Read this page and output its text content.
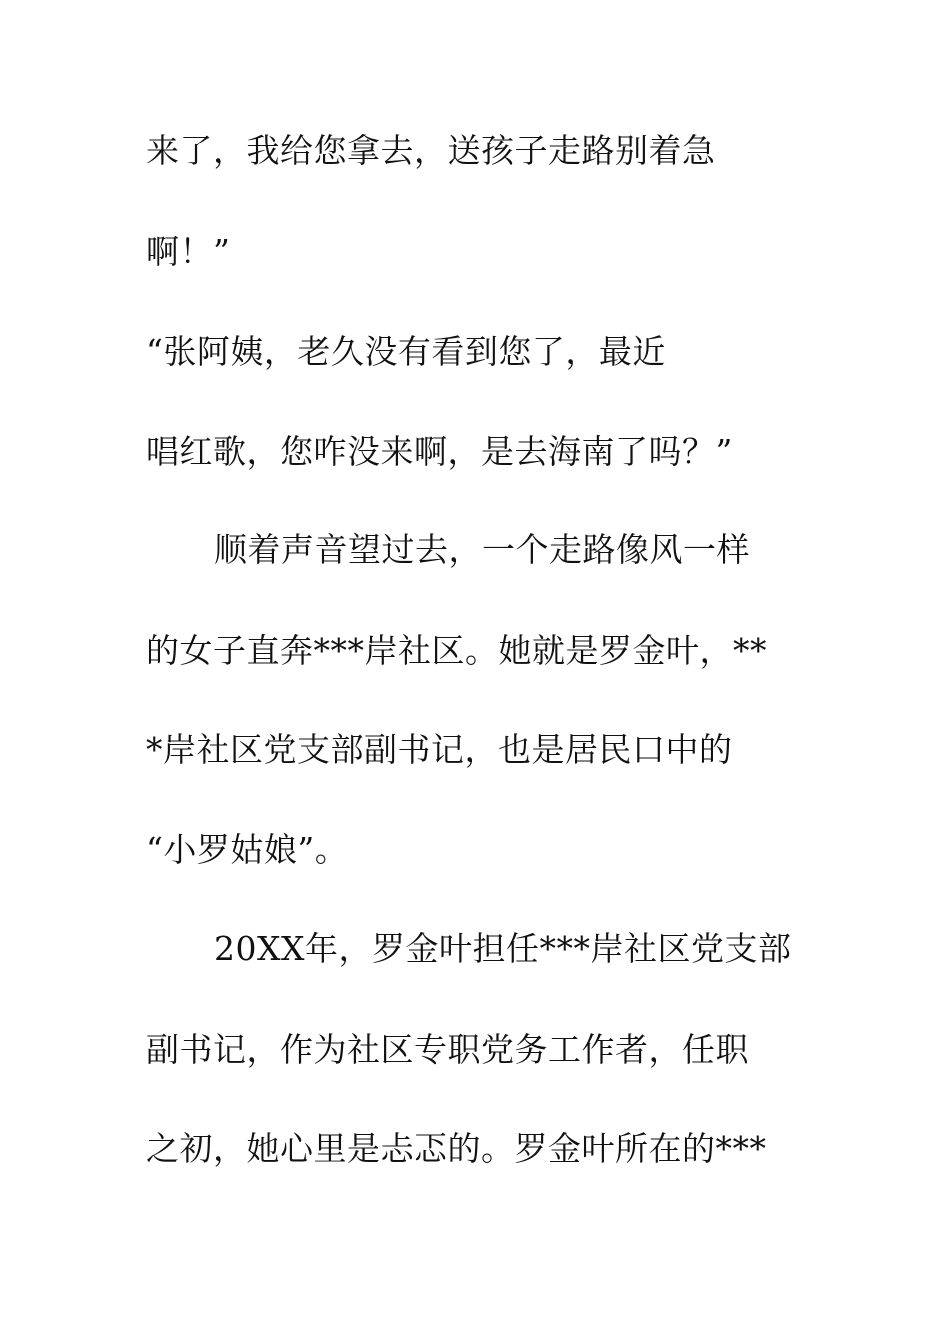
来了，我给您拿去，送孩子走路别着急
啊！”
“张阿姨，老久没有看到您了，最近
唱红歌，您咋没来啊，是去海南了吗？”
顺着声音望过去，一个走路像风一样
的女子直奔***岸社区。她就是罗金叶，**
*岸社区党支部副书记，也是居民口中的
“小罗姑娘”。
20XX年，罗金叶担任***岸社区党支部
副书记，作为社区专职党务工作者，任职
之初，她心里是忐忑的。罗金叶所在的***
